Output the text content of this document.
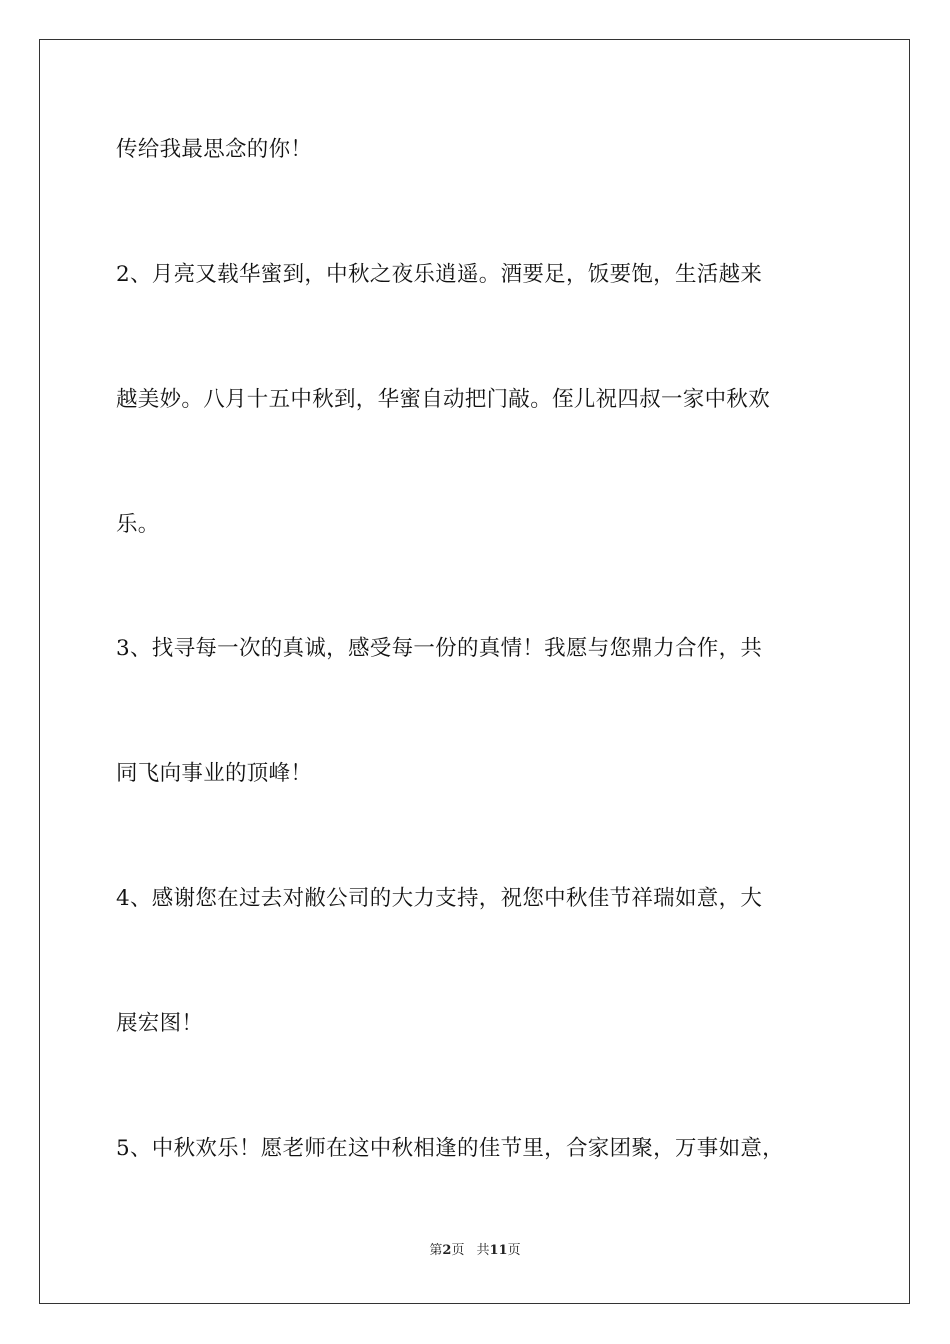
传给我最思念的你！
2、月亮又载华蜜到，中秋之夜乐逍遥。酒要足，饭要饱，生活越来
越美妙。八月十五中秋到，华蜜自动把门敲。侄儿祝四叔一家中秋欢
乐。
3、找寻每一次的真诚，感受每一份的真情！我愿与您鼎力合作，共
同飞向事业的顶峰！
4、感谢您在过去对敝公司的大力支持，祝您中秋佳节祥瑞如意，大
展宏图！
5、中秋欢乐！愿老师在这中秋相逢的佳节里，合家团聚，万事如意，
第2页 共11页
